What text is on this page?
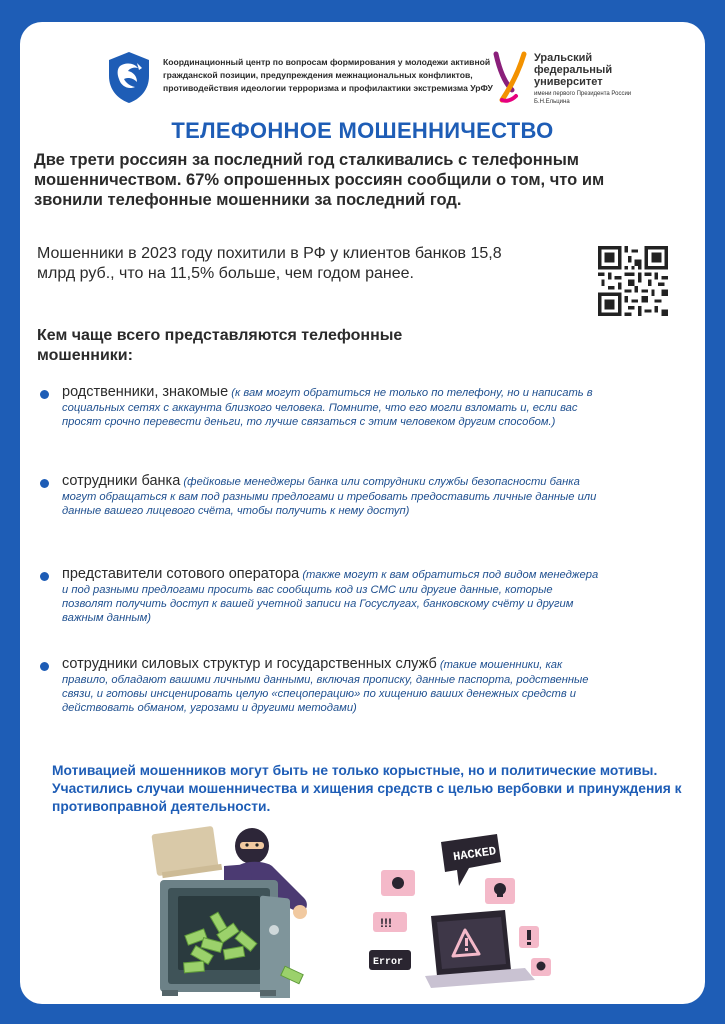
Координационный центр по вопросам формирования у молодежи активной гражданской позиции, предупреждения межнациональных конфликтов, противодействия идеологии терроризма и профилактики экстремизма УрФУ
Уральский федеральный университет
имени первого Президента России Б.Н.Ельцина
ТЕЛЕФОННОЕ МОШЕННИЧЕСТВО
Две трети россиян за последний год сталкивались с телефонным мошенничеством. 67% опрошенных россиян сообщили о том, что им звонили телефонные мошенники за последний год.
Мошенники в 2023 году похитили в РФ у клиентов банков 15,8 млрд руб., что на 11,5% больше, чем годом ранее.
Кем чаще всего представляются телефонные мошенники:
родственники, знакомые (к вам могут обратиться не только по телефону, но и написать в социальных сетях с аккаунта близкого человека. Помните, что его могли взломать и, если вас просят срочно перевести деньги, то лучше связаться с этим человеком другим способом.)
сотрудники банка (фейковые менеджеры банка или сотрудники службы безопасности банка могут обращаться к вам под разными предлогами и требовать предоставить личные данные или данные вашего лицевого счёта, чтобы получить к нему доступ)
представители сотового оператора (также могут к вам обратиться под видом менеджера и под разными предлогами просить вас сообщить код из СМС или другие данные, которые позволят получить доступ к вашей учетной записи на Госуслугах, банковскому счёту и другим важным данным)
сотрудники силовых структур и государственных служб (такие мошенники, как правило, обладают вашими личными данными, включая прописку, данные паспорта, родственные связи, и готовы инсценировать целую «спецоперацию» по хищению ваших денежных средств и действовать обманом, угрозами и другими методами)
Мотивацией мошенников могут быть не только корыстные, но и политические мотивы. Участились случаи мошенничества и хищения средств с целью вербовки и принуждения к противоправной деятельности.
HACKED
!!!
Error
